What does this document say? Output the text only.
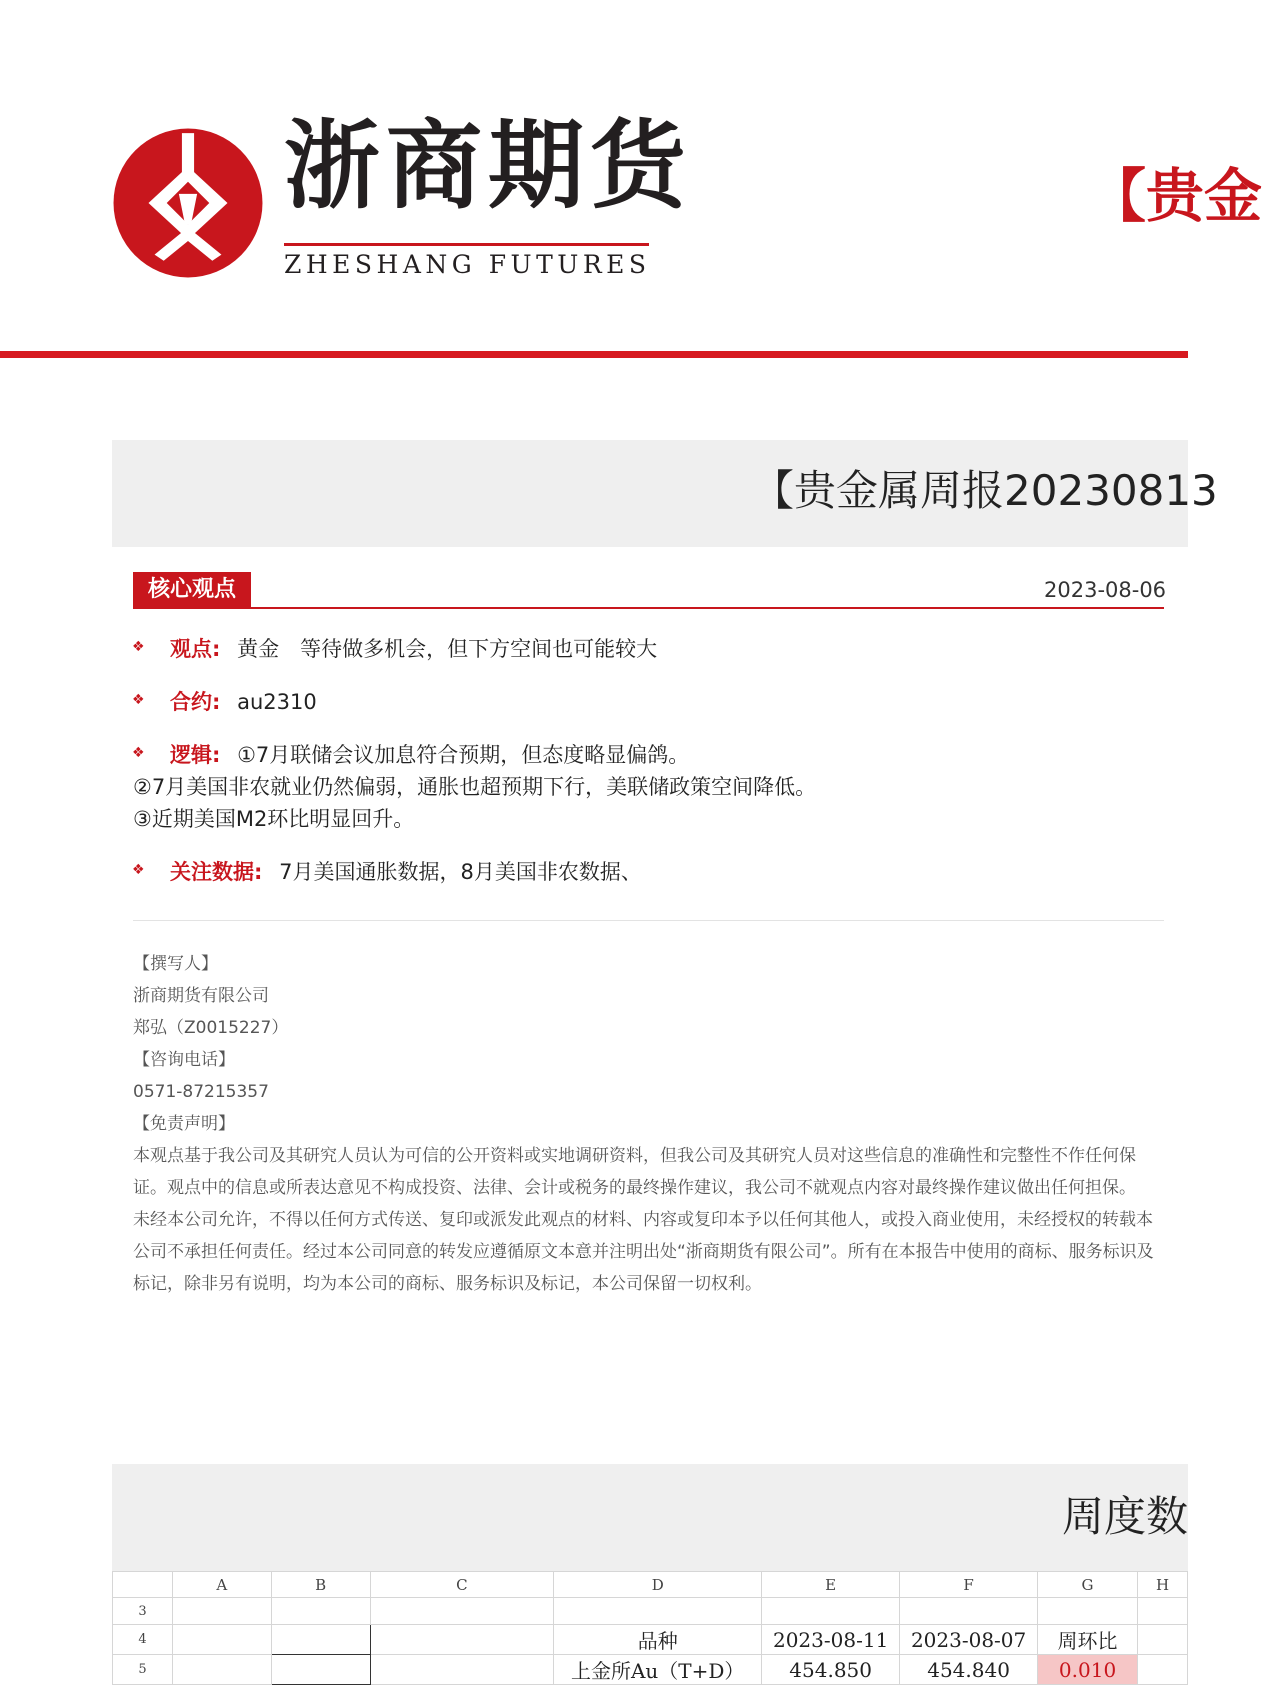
浙商期货
ZHESHANG FUTURES
【贵金
【贵金属周报20230813
核心观点	2023-08-06
❖ 观点: 黄金　等待做多机会，但下方空间也可能较大
❖ 合约: au2310
❖ 逻辑: ①7月联储会议加息符合预期，但态度略显偏鸽。
②7月美国非农就业仍然偏弱，通胀也超预期下行，美联储政策空间降低。
③近期美国M2环比明显回升。
❖ 关注数据: 7月美国通胀数据，8月美国非农数据、

【撰写人】

浙商期货有限公司

郑弘（Z0015227）

【咨询电话】

0571-87215357

【免责声明】

本观点基于我公司及其研究人员认为可信的公开资料或实地调研资料，但我公司及其研究人员对这些信息的准确性和完整性不作任何保证。观点中的信息或所表达意见不构成投资、法律、会计或税务的最终操作建议，我公司不就观点内容对最终操作建议做出任何担保。

未经本公司允许，不得以任何方式传送、复印或派发此观点的材料、内容或复印本予以任何其他人，或投入商业使用，未经授权的转载本公司不承担任何责任。经过本公司同意的转发应遵循原文本意并注明出处“浙商期货有限公司”。所有在本报告中使用的商标、服务标识及标记，除非另有说明，均为本公司的商标、服务标识及标记，本公司保留一切权利。

周度数
	A	B	C	D	E	F	G	H
3								
4				品种	2023-08-11	2023-08-07	周环比	
5				上金所Au（T+D）	454.850	454.840	0.010	
